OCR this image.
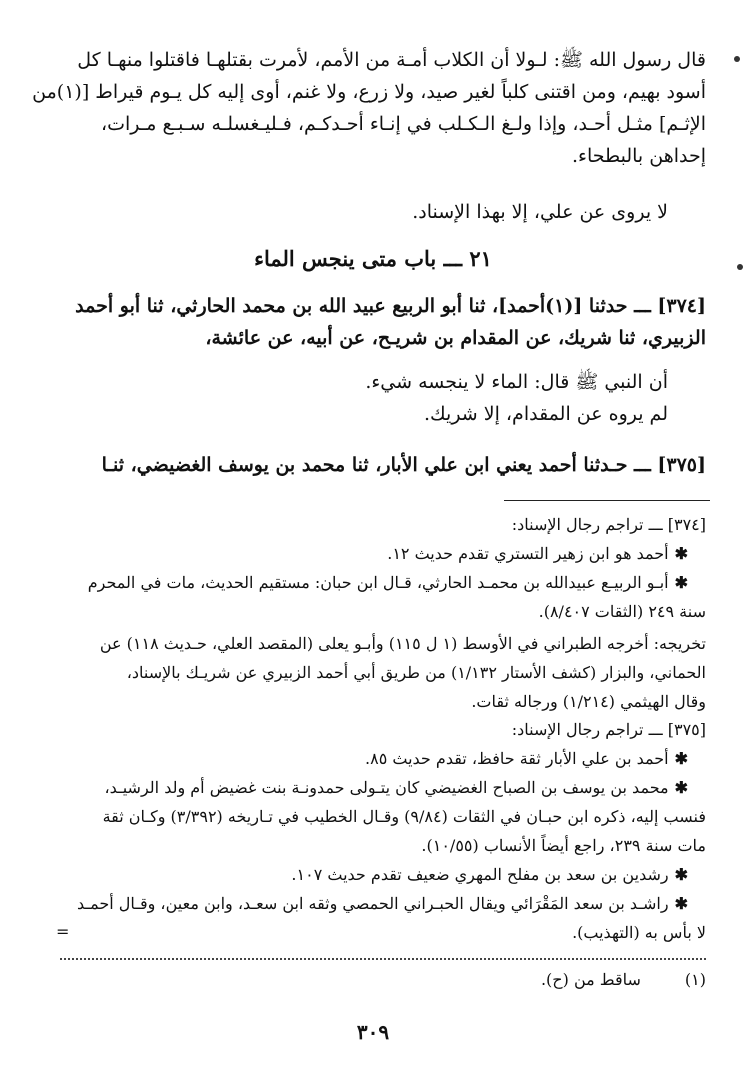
قال رسول الله ﷺ: لـولا أن الكلاب أمـة من الأمم، لأمرت بقتلهـا فاقتلوا منهـا كل
أسود بهيم، ومن اقتنى كلباً لغير صيد، ولا زرع، ولا غنم، أوى إليه كل يـوم قيراط [(١)من
الإثـم] مثـل أحـد، وإذا ولـغ الـكـلب في إنـاء أحـدكـم، فـليـغسلـه سـبـع مـرات،
إحداهن بالبطحاء.
لا يروى عن علي، إلا بهذا الإسناد.
٢١ ـــ باب متى ينجس الماء
[٣٧٤] ـــ حدثنا [(١)أحمد]، ثنا أبو الربيع عبيد الله بن محمد الحارثي، ثنا أبو أحمد
الزبيري، ثنا شريك، عن المقدام بن شريـح، عن أبيه، عن عائشة،
أن النبي ﷺ قال: الماء لا ينجسه شيء.
لم يروه عن المقدام، إلا شريك.
[٣٧٥] ـــ حـدثنا أحمد يعني ابن علي الأبار، ثنا محمد بن يوسف الغضيضي، ثنـا
[٣٧٤] ـــ تراجم رجال الإسناد:
✱أحمد هو ابن زهير التستري تقدم حديث ١٢.
✱أبـو الربيـع عبيدالله بن محمـد الحارثي، قـال ابن حبان: مستقيم الحديث، مات في المحرم
سنة ٢٤٩ (الثقات ٨/٤٠٧).
تخريجه: أخرجه الطبراني في الأوسط (١ ل ١١٥) وأبـو يعلى (المقصد العلي، حـديث ١١٨) عن
الحماني، والبزار (كشف الأستار ١/١٣٢) من طريق أبي أحمد الزبيري عن شريـك بالإسناد،
وقال الهيثمي (١/٢١٤) ورجاله ثقات.
[٣٧٥] ـــ تراجم رجال الإسناد:
✱أحمد بن علي الأبار ثقة حافظ، تقدم حديث ٨٥.
✱محمد بن يوسف بن الصباح الغضيضي كان يتـولى حمدونـة بنت غضيض أم ولد الرشيـد،
فنسب إليه، ذكره ابن حبـان في الثقات (٩/٨٤) وقـال الخطيب في تـاريخه (٣/٣٩٢) وكـان ثقة
مات سنة ٢٣٩، راجع أيضاً الأنساب (١٠/٥٥).
✱رشدين بن سعد بن مفلح المهري ضعيف تقدم حديث ١٠٧.
✱راشـد بن سعد المَقْرَائي ويقال الحبـراني الحمصي وثقه ابن سعـد، وابن معين، وقـال أحمـد
لا بأس به (التهذيب).
=
(١) ساقط من (ح).
٣٠٩
